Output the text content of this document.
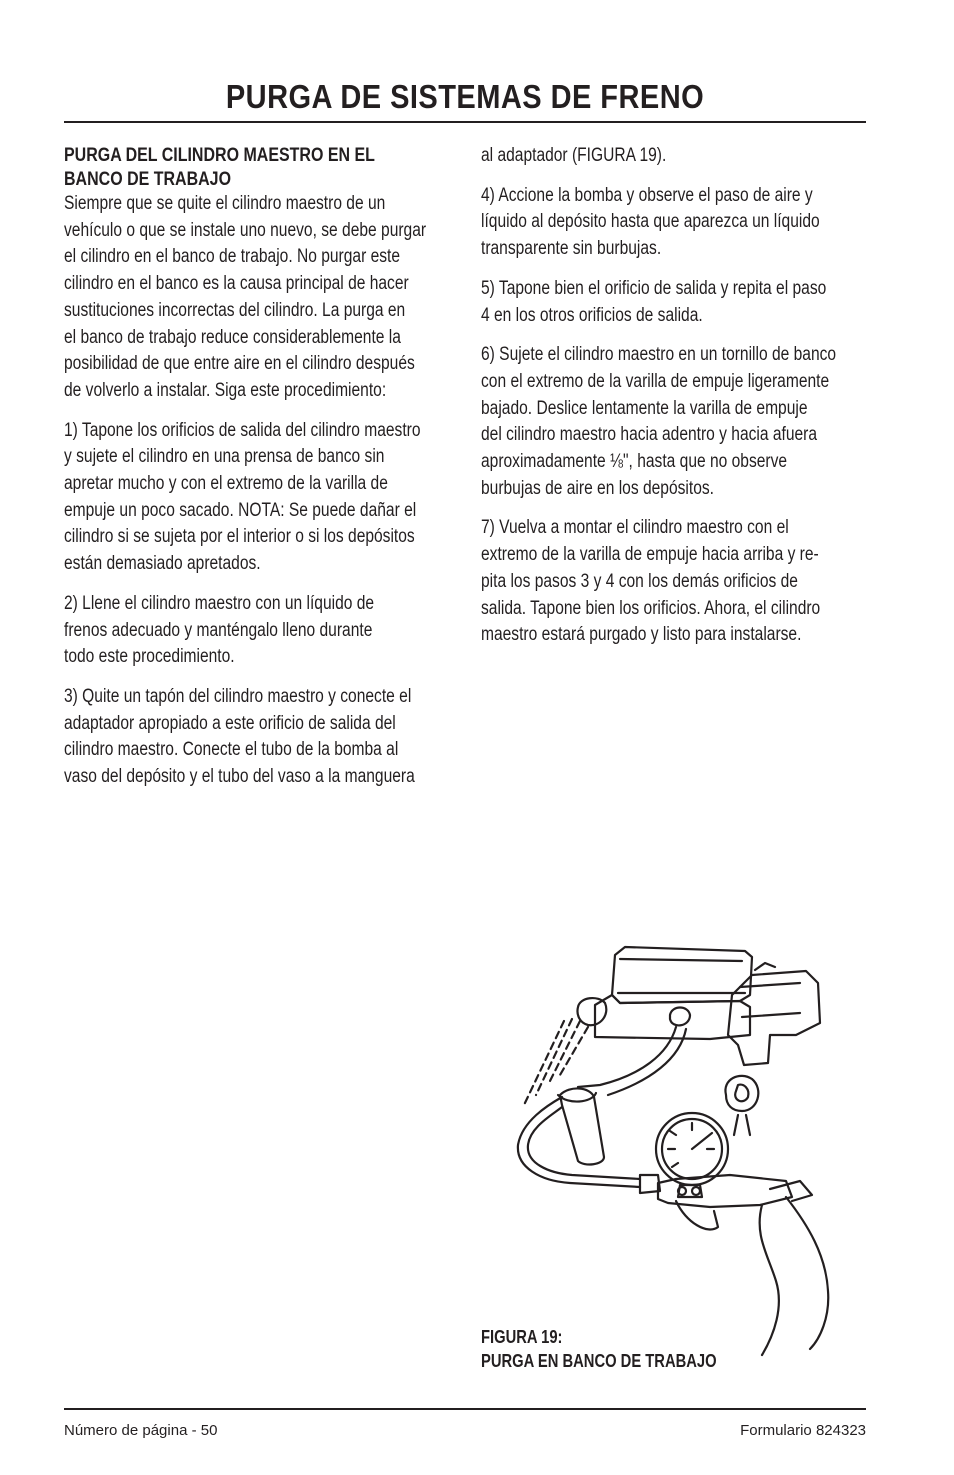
PURGA DE SISTEMAS DE FRENO

PURGA DEL CILINDRO MAESTRO EN EL
BANCO DE TRABAJO

Siempre que se quite el cilindro maestro de un
vehículo o que se instale uno nuevo, se debe purgar
el cilindro en el banco de trabajo. No purgar este
cilindro en el banco es la causa principal de hacer
sustituciones incorrectas del cilindro. La purga en
el banco de trabajo reduce considerablemente la
posibilidad de que entre aire en el cilindro después
de volverlo a instalar. Siga este procedimiento:

1) Tapone los orificios de salida del cilindro maestro
y sujete el cilindro en una prensa de banco sin
apretar mucho y con el extremo de la varilla de
empuje un poco sacado. NOTA: Se puede dañar el
cilindro si se sujeta por el interior o si los depósitos
están demasiado apretados.

2) Llene el cilindro maestro con un líquido de
frenos adecuado y manténgalo lleno durante
todo este procedimiento.

3) Quite un tapón del cilindro maestro y conecte el
adaptador apropiado a este orificio de salida del
cilindro maestro. Conecte el tubo de la bomba al
vaso del depósito y el tubo del vaso a la manguera

al adaptador (FIGURA 19).

4) Accione la bomba y observe el paso de aire y
líquido al depósito hasta que aparezca un líquido
transparente sin burbujas.

5) Tapone bien el orificio de salida y repita el paso
4 en los otros orificios de salida.

6) Sujete el cilindro maestro en un tornillo de banco
con el extremo de la varilla de empuje ligeramente
bajado. Deslice lentamente la varilla de empuje
del cilindro maestro hacia adentro y hacia afuera
aproximadamente ⅛", hasta que no observe
burbujas de aire en los depósitos.

7) Vuelva a montar el cilindro maestro con el
extremo de la varilla de empuje hacia arriba y re-
pita los pasos 3 y 4 con los demás orificios de
salida. Tapone bien los orificios. Ahora, el cilindro
maestro estará purgado y listo para instalarse.

FIGURA 19:
PURGA EN BANCO DE TRABAJO
Número de página - 50	Formulario 824323
